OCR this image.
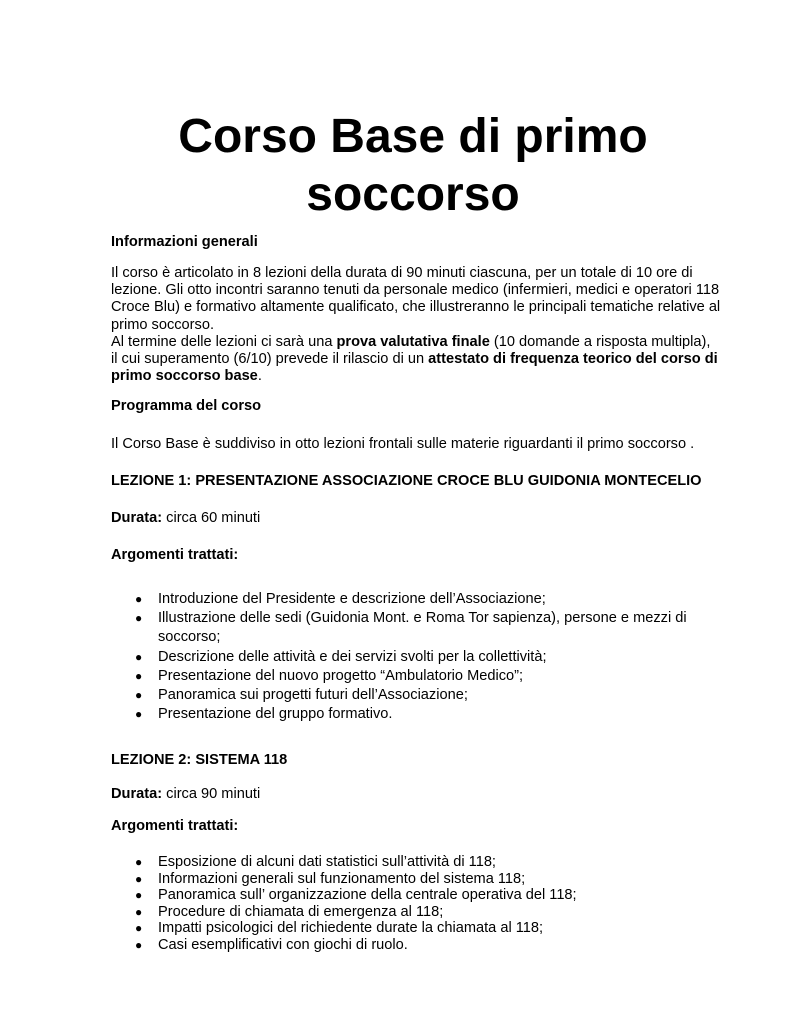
Corso Base di primo
soccorso
Informazioni generali
Il corso è articolato in 8 lezioni della durata di 90 minuti ciascuna, per un totale di 10 ore di
lezione. Gli otto incontri saranno tenuti da personale medico (infermieri, medici e operatori 118
Croce Blu) e formativo altamente qualificato, che illustreranno le principali tematiche relative al
primo soccorso.
Al termine delle lezioni ci sarà una prova valutativa finale (10 domande a risposta multipla),
il cui superamento (6/10) prevede il rilascio di un attestato di frequenza teorico del corso di
primo soccorso base.
Programma del corso
Il Corso Base è suddiviso in otto lezioni frontali sulle materie riguardanti il primo soccorso .
LEZIONE 1: PRESENTAZIONE ASSOCIAZIONE CROCE BLU GUIDONIA MONTECELIO
Durata: circa 60 minuti
Argomenti trattati:
● Introduzione del Presidente e descrizione dell’Associazione;
● Illustrazione delle sedi (Guidonia Mont. e Roma Tor sapienza), persone e mezzi di
soccorso;
● Descrizione delle attività e dei servizi svolti per la collettività;
● Presentazione del nuovo progetto “Ambulatorio Medico”;
● Panoramica sui progetti futuri dell’Associazione;
● Presentazione del gruppo formativo.
LEZIONE 2: SISTEMA 118
Durata: circa 90 minuti
Argomenti trattati:
● Esposizione di alcuni dati statistici sull’attività di 118;
● Informazioni generali sul funzionamento del sistema 118;
● Panoramica sull’ organizzazione della centrale operativa del 118;
● Procedure di chiamata di emergenza al 118;
● Impatti psicologici del richiedente durate la chiamata al 118;
● Casi esemplificativi con giochi di ruolo.
